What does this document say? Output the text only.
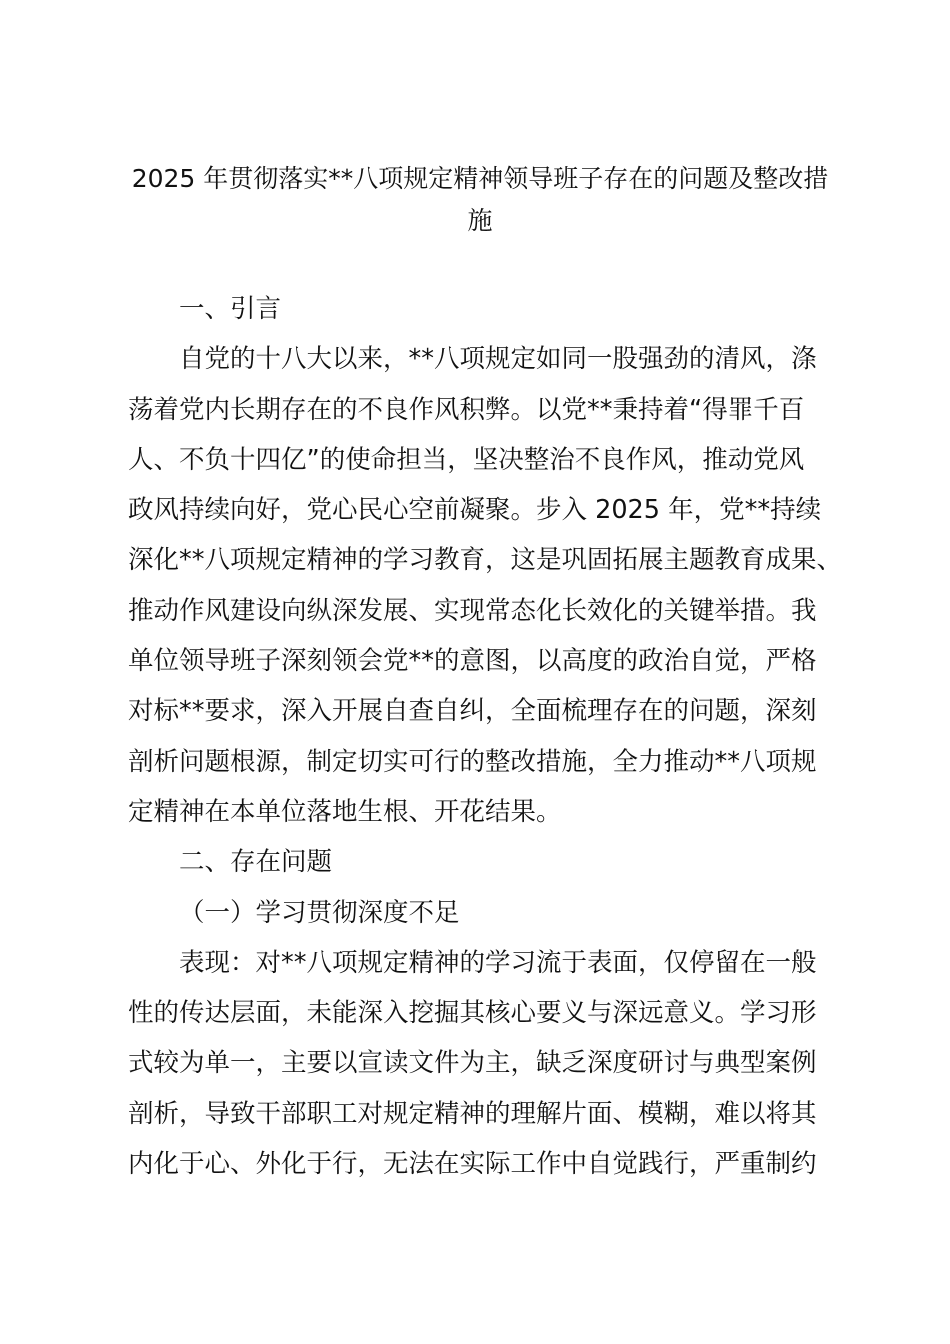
2025 年贯彻落实**八项规定精神领导班子存在的问题及整改措
施
一、引言
自党的十八大以来，**八项规定如同一股强劲的清风，涤
荡着党内长期存在的不良作风积弊。以党**秉持着“得罪千百
人、不负十四亿”的使命担当，坚决整治不良作风，推动党风
政风持续向好，党心民心空前凝聚。步入 2025 年，党**持续
深化**八项规定精神的学习教育，这是巩固拓展主题教育成果、
推动作风建设向纵深发展、实现常态化长效化的关键举措。我
单位领导班子深刻领会党**的意图，以高度的政治自觉，严格
对标**要求，深入开展自查自纠，全面梳理存在的问题，深刻
剖析问题根源，制定切实可行的整改措施，全力推动**八项规
定精神在本单位落地生根、开花结果。
二、存在问题
（一）学习贯彻深度不足
表现：对**八项规定精神的学习流于表面，仅停留在一般
性的传达层面，未能深入挖掘其核心要义与深远意义。学习形
式较为单一，主要以宣读文件为主，缺乏深度研讨与典型案例
剖析，导致干部职工对规定精神的理解片面、模糊，难以将其
内化于心、外化于行，无法在实际工作中自觉践行，严重制约
